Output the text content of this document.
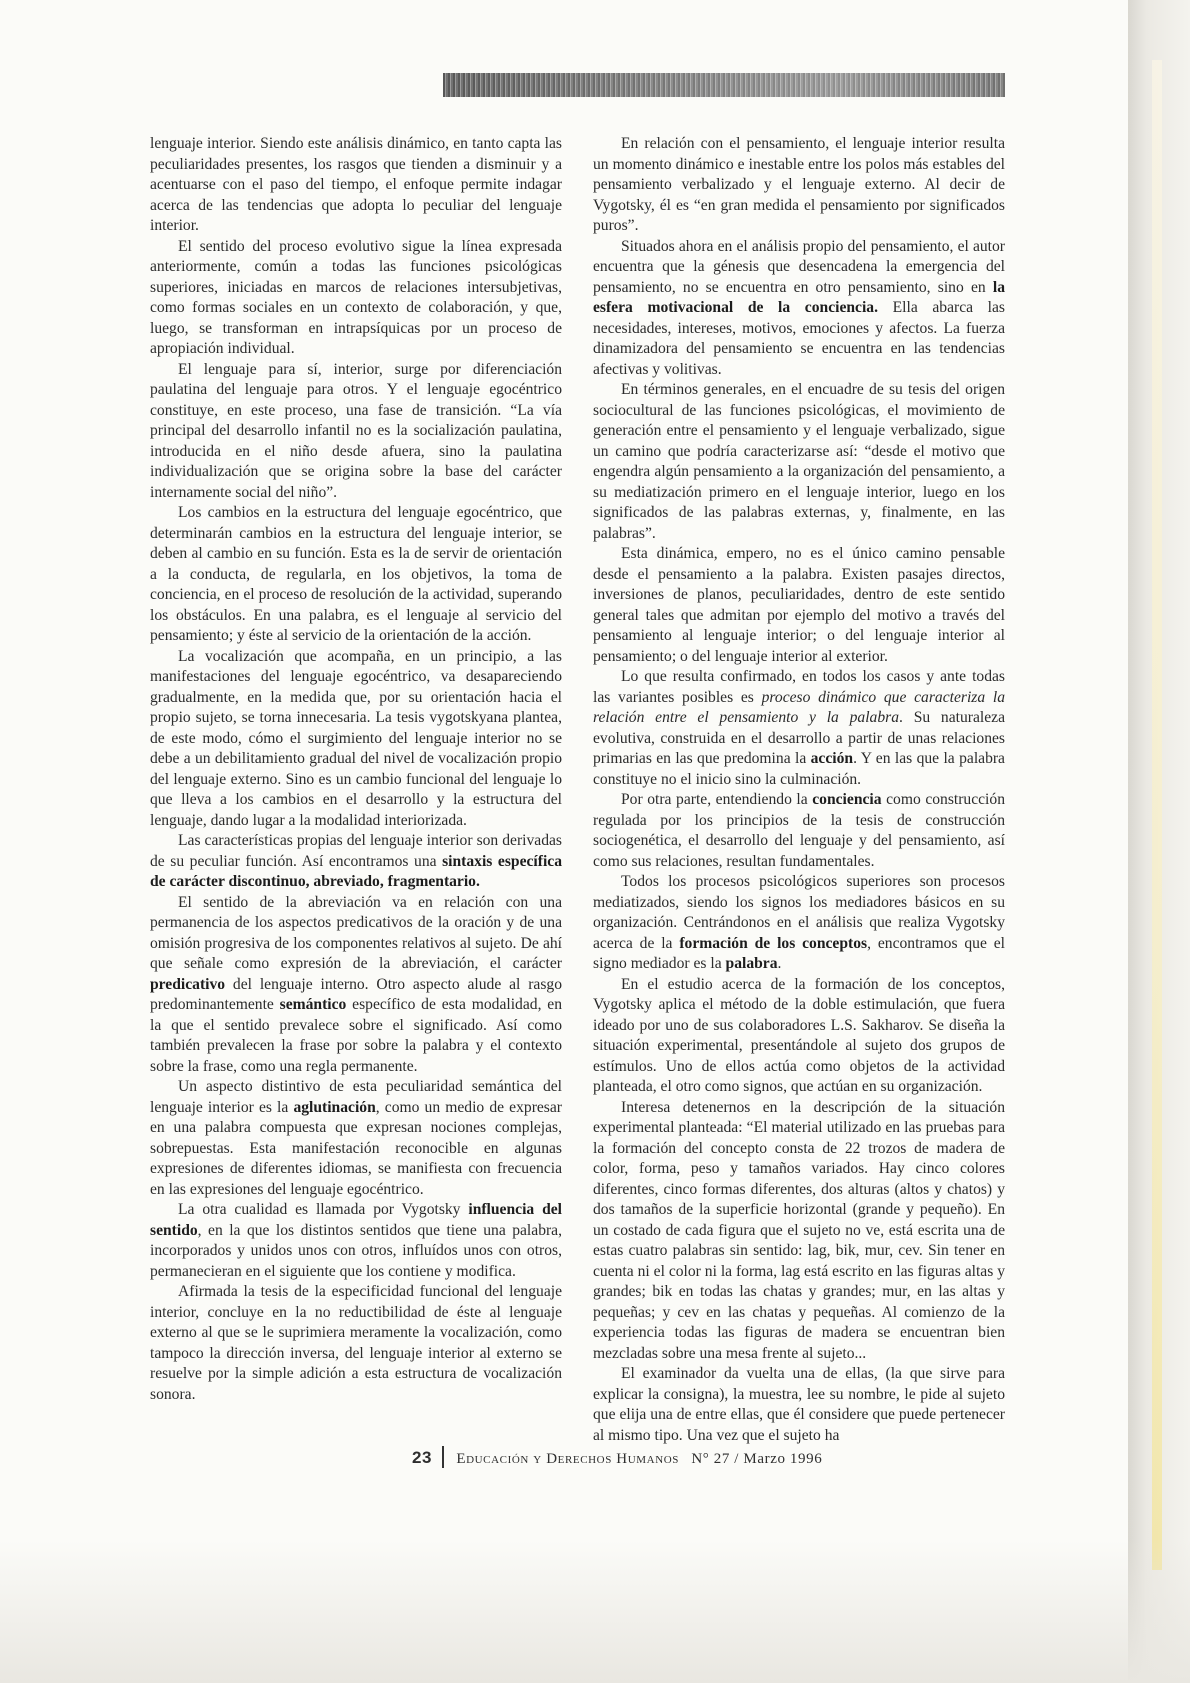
lenguaje interior. Siendo este análisis dinámico, en tanto capta las peculiaridades presentes, los rasgos que tienden a disminuir y a acentuarse con el paso del tiempo, el enfoque permite indagar acerca de las tendencias que adopta lo peculiar del lenguaje interior.

El sentido del proceso evolutivo sigue la línea expresada anteriormente, común a todas las funciones psicológicas superiores, iniciadas en marcos de relaciones intersubjetivas, como formas sociales en un contexto de colaboración, y que, luego, se transforman en intrapsíquicas por un proceso de apropiación individual.

El lenguaje para sí, interior, surge por diferenciación paulatina del lenguaje para otros. Y el lenguaje egocéntrico constituye, en este proceso, una fase de transición. “La vía principal del desarrollo infantil no es la socialización paulatina, introducida en el niño desde afuera, sino la paulatina individualización que se origina sobre la base del carácter internamente social del niño”.

Los cambios en la estructura del lenguaje egocéntrico, que determinarán cambios en la estructura del lenguaje interior, se deben al cambio en su función. Esta es la de servir de orientación a la conducta, de regularla, en los objetivos, la toma de conciencia, en el proceso de resolución de la actividad, superando los obstáculos. En una palabra, es el lenguaje al servicio del pensamiento; y éste al servicio de la orientación de la acción.

La vocalización que acompaña, en un principio, a las manifestaciones del lenguaje egocéntrico, va desapareciendo gradualmente, en la medida que, por su orientación hacia el propio sujeto, se torna innecesaria. La tesis vygotskyana plantea, de este modo, cómo el surgimiento del lenguaje interior no se debe a un debilitamiento gradual del nivel de vocalización propio del lenguaje externo. Sino es un cambio funcional del lenguaje lo que lleva a los cambios en el desarrollo y la estructura del lenguaje, dando lugar a la modalidad interiorizada.

Las características propias del lenguaje interior son derivadas de su peculiar función. Así encontramos una sintaxis específica de carácter discontinuo, abreviado, fragmentario.

El sentido de la abreviación va en relación con una permanencia de los aspectos predicativos de la oración y de una omisión progresiva de los componentes relativos al sujeto. De ahí que señale como expresión de la abreviación, el carácter predicativo del lenguaje interno. Otro aspecto alude al rasgo predominantemente semántico específico de esta modalidad, en la que el sentido prevalece sobre el significado. Así como también prevalecen la frase por sobre la palabra y el contexto sobre la frase, como una regla permanente.

Un aspecto distintivo de esta peculiaridad semántica del lenguaje interior es la aglutinación, como un medio de expresar en una palabra compuesta que expresan nociones complejas, sobrepuestas. Esta manifestación reconocible en algunas expresiones de diferentes idiomas, se manifiesta con frecuencia en las expresiones del lenguaje egocéntrico.

La otra cualidad es llamada por Vygotsky influencia del sentido, en la que los distintos sentidos que tiene una palabra, incorporados y unidos unos con otros, influídos unos con otros, permanecieran en el siguiente que los contiene y modifica.

Afirmada la tesis de la especificidad funcional del lenguaje interior, concluye en la no reductibilidad de éste al lenguaje externo al que se le suprimiera meramente la vocalización, como tampoco la dirección inversa, del lenguaje interior al externo se resuelve por la simple adición a esta estructura de vocalización sonora.

En relación con el pensamiento, el lenguaje interior resulta un momento dinámico e inestable entre los polos más estables del pensamiento verbalizado y el lenguaje externo. Al decir de Vygotsky, él es “en gran medida el pensamiento por significados puros”.

Situados ahora en el análisis propio del pensamiento, el autor encuentra que la génesis que desencadena la emergencia del pensamiento, no se encuentra en otro pensamiento, sino en la esfera motivacional de la conciencia. Ella abarca las necesidades, intereses, motivos, emociones y afectos. La fuerza dinamizadora del pensamiento se encuentra en las tendencias afectivas y volitivas.

En términos generales, en el encuadre de su tesis del origen sociocultural de las funciones psicológicas, el movimiento de generación entre el pensamiento y el lenguaje verbalizado, sigue un camino que podría caracterizarse así: “desde el motivo que engendra algún pensamiento a la organización del pensamiento, a su mediatización primero en el lenguaje interior, luego en los significados de las palabras externas, y, finalmente, en las palabras”.

Esta dinámica, empero, no es el único camino pensable desde el pensamiento a la palabra. Existen pasajes directos, inversiones de planos, peculiaridades, dentro de este sentido general tales que admitan por ejemplo del motivo a través del pensamiento al lenguaje interior; o del lenguaje interior al pensamiento; o del lenguaje interior al exterior.

Lo que resulta confirmado, en todos los casos y ante todas las variantes posibles es proceso dinámico que caracteriza la relación entre el pensamiento y la palabra. Su naturaleza evolutiva, construida en el desarrollo a partir de unas relaciones primarias en las que predomina la acción. Y en las que la palabra constituye no el inicio sino la culminación.

Por otra parte, entendiendo la conciencia como construcción regulada por los principios de la tesis de construcción sociogenética, el desarrollo del lenguaje y del pensamiento, así como sus relaciones, resultan fundamentales.

Todos los procesos psicológicos superiores son procesos mediatizados, siendo los signos los mediadores básicos en su organización. Centrándonos en el análisis que realiza Vygotsky acerca de la formación de los conceptos, encontramos que el signo mediador es la palabra.

En el estudio acerca de la formación de los conceptos, Vygotsky aplica el método de la doble estimulación, que fuera ideado por uno de sus colaboradores L.S. Sakharov. Se diseña la situación experimental, presentándole al sujeto dos grupos de estímulos. Uno de ellos actúa como objetos de la actividad planteada, el otro como signos, que actúan en su organización.

Interesa detenernos en la descripción de la situación experimental planteada: “El material utilizado en las pruebas para la formación del concepto consta de 22 trozos de madera de color, forma, peso y tamaños variados. Hay cinco colores diferentes, cinco formas diferentes, dos alturas (altos y chatos) y dos tamaños de la superficie horizontal (grande y pequeño). En un costado de cada figura que el sujeto no ve, está escrita una de estas cuatro palabras sin sentido: lag, bik, mur, cev. Sin tener en cuenta ni el color ni la forma, lag está escrito en las figuras altas y grandes; bik en todas las chatas y grandes; mur, en las altas y pequeñas; y cev en las chatas y pequeñas. Al comienzo de la experiencia todas las figuras de madera se encuentran bien mezcladas sobre una mesa frente al sujeto...

El examinador da vuelta una de ellas, (la que sirve para explicar la consigna), la muestra, lee su nombre, le pide al sujeto que elija una de entre ellas, que él considere que puede pertenecer al mismo tipo. Una vez que el sujeto ha

23 Educación y Derechos Humanos N° 27 / Marzo 1996
